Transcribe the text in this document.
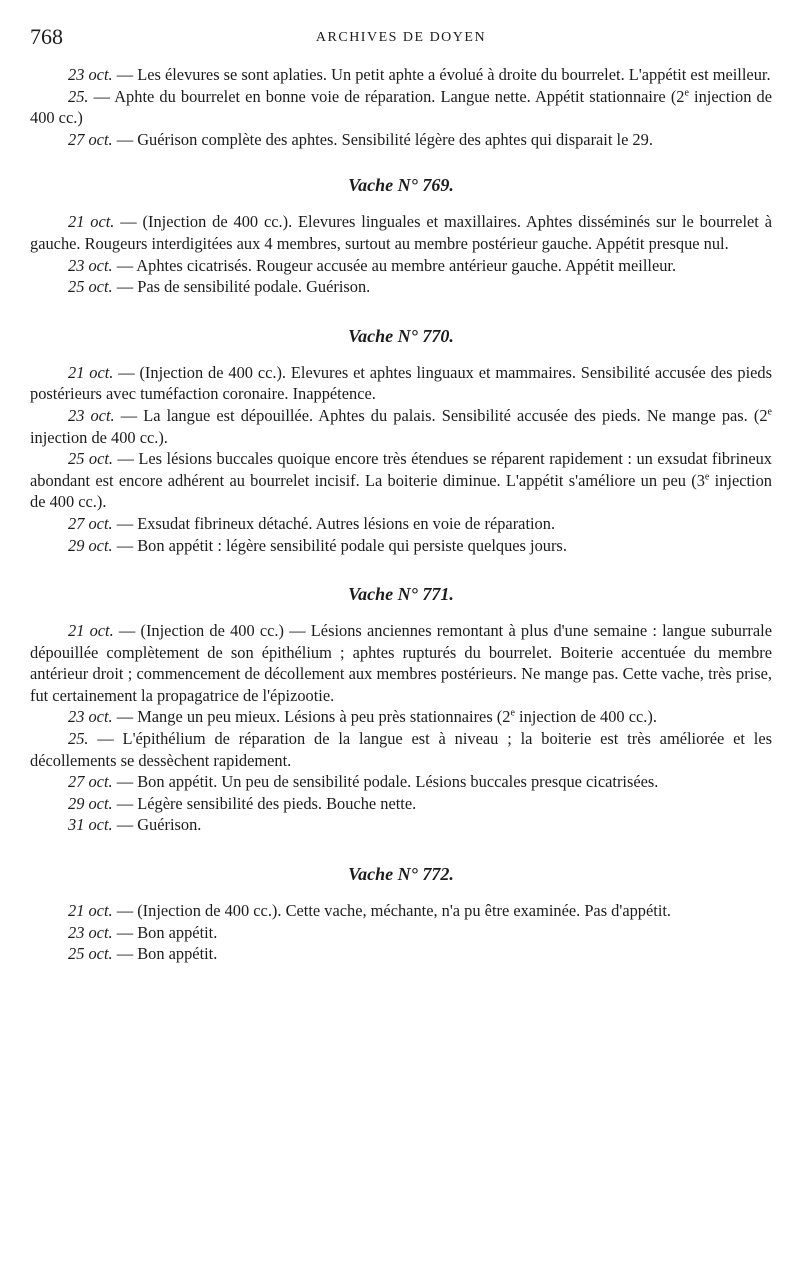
768	ARCHIVES DE DOYEN

23 oct. — Les élevures se sont aplaties. Un petit aphte a évolué à droite du bourrelet. L'appétit est meilleur.

25. — Aphte du bourrelet en bonne voie de réparation. Langue nette. Appétit stationnaire (2e injection de 400 cc.)

27 oct. — Guérison complète des aphtes. Sensibilité légère des aphtes qui disparait le 29.

Vache N° 769.

21 oct. — (Injection de 400 cc.). Elevures linguales et maxillaires. Aphtes disséminés sur le bourrelet à gauche. Rougeurs interdigitées aux 4 membres, surtout au membre postérieur gauche. Appétit presque nul.

23 oct. — Aphtes cicatrisés. Rougeur accusée au membre antérieur gauche. Appétit meilleur.

25 oct. — Pas de sensibilité podale. Guérison.

Vache N° 770.

21 oct. — (Injection de 400 cc.). Elevures et aphtes linguaux et mammaires. Sensibilité accusée des pieds postérieurs avec tuméfaction coronaire. Inappétence.

23 oct. — La langue est dépouillée. Aphtes du palais. Sensibilité accusée des pieds. Ne mange pas. (2e injection de 400 cc.).

25 oct. — Les lésions buccales quoique encore très étendues se réparent rapidement : un exsudat fibrineux abondant est encore adhérent au bourrelet incisif. La boiterie diminue. L'appétit s'améliore un peu (3e injection de 400 cc.).

27 oct. — Exsudat fibrineux détaché. Autres lésions en voie de réparation.

29 oct. — Bon appétit : légère sensibilité podale qui persiste quelques jours.

Vache N° 771.

21 oct. — (Injection de 400 cc.) — Lésions anciennes remontant à plus d'une semaine : langue suburrale dépouillée complètement de son épithélium ; aphtes rupturés du bourrelet. Boiterie accentuée du membre antérieur droit ; commencement de décollement aux membres postérieurs. Ne mange pas. Cette vache, très prise, fut certainement la propagatrice de l'épizootie.

23 oct. — Mange un peu mieux. Lésions à peu près stationnaires (2e injection de 400 cc.).

25. — L'épithélium de réparation de la langue est à niveau ; la boiterie est très améliorée et les décollements se dessèchent rapidement.

27 oct. — Bon appétit. Un peu de sensibilité podale. Lésions buccales presque cicatrisées.

29 oct. — Légère sensibilité des pieds. Bouche nette.

31 oct. — Guérison.

Vache N° 772.

21 oct. — (Injection de 400 cc.). Cette vache, méchante, n'a pu être examinée. Pas d'appétit.

23 oct. — Bon appétit.

25 oct. — Bon appétit.
